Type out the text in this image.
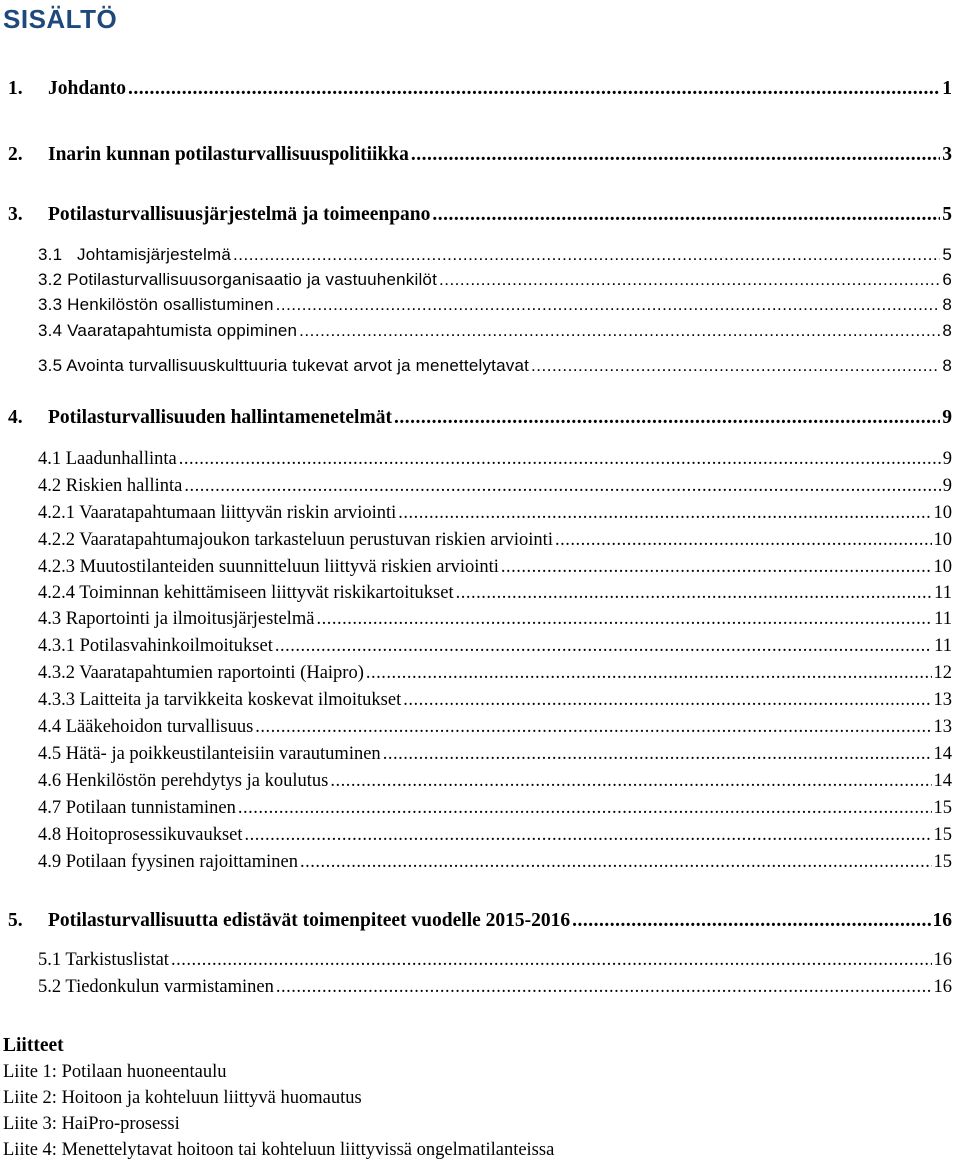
SISÄLTÖ
1.	Johdanto .....	1
2.	Inarin kunnan potilasturvallisuuspolitiikka .....	3
3.	Potilasturvallisuusjärjestelmä ja toimeenpano .....	5
3.1   Johtamisjärjestelmä .....	5
3.2 Potilasturvallisuusorganisaatio ja vastuuhenkilöt .....	6
3.3 Henkilöstön osallistuminen .....	8
3.4 Vaaratapahtumista oppiminen .....	8
3.5 Avointa turvallisuuskulttuuria tukevat arvot ja menettelytavat .....	8
4.	Potilasturvallisuuden hallintamenetelmät .....	9
4.1 Laadunhallinta .....	9
4.2 Riskien hallinta .....	9
4.2.1 Vaaratapahtumaan liittyvän riskin arviointi .....	10
4.2.2 Vaaratapahtumajoukon tarkasteluun perustuvan riskien arviointi .....	10
4.2.3 Muutostilanteiden suunnitteluun liittyvä riskien arviointi .....	10
4.2.4 Toiminnan kehittämiseen liittyvät riskikartoitukset .....	11
4.3 Raportointi ja ilmoitusjärjestelmä .....	11
4.3.1 Potilasvahinkoilmoitukset .....	11
4.3.2 Vaaratapahtumien raportointi (Haipro) .....	12
4.3.3 Laitteita ja tarvikkeita koskevat ilmoitukset .....	13
4.4 Lääkehoidon turvallisuus .....	13
4.5 Hätä- ja poikkeustilanteisiin varautuminen .....	14
4.6 Henkilöstön perehdytys ja koulutus .....	14
4.7 Potilaan tunnistaminen .....	15
4.8 Hoitoprosessikuvaukset .....	15
4.9 Potilaan fyysinen rajoittaminen .....	15
5.	Potilasturvallisuutta edistävät toimenpiteet vuodelle 2015-2016 .....	16
5.1 Tarkistuslistat .....	16
5.2 Tiedonkulun varmistaminen .....	16
Liitteet

Liite 1: Potilaan huoneentaulu

Liite 2: Hoitoon ja kohteluun liittyvä huomautus

Liite 3: HaiPro-prosessi

Liite 4: Menettelytavat hoitoon tai kohteluun liittyvissä ongelmatilanteissa
